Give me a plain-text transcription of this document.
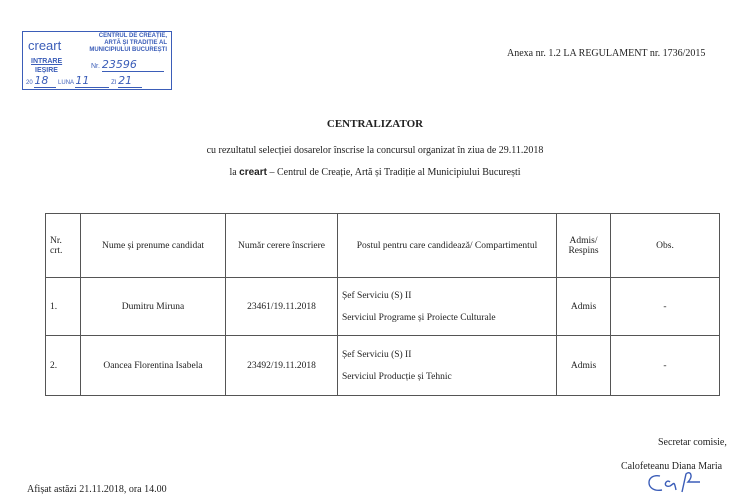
creart
CENTRUL DE CREAȚIE, ARTĂ ȘI TRADIȚIE AL MUNICIPIULUI BUCUREȘTI
INTRARE
IEȘIRE
Nr. 23596
20 18 LUNA 11	ZI 21
Anexa nr. 1.2 LA REGULAMENT nr. 1736/2015
CENTRALIZATOR
cu rezultatul selecției dosarelor înscrise la concursul organizat în ziua de 29.11.2018
la creart – Centrul de Creație, Artă și Tradiție al Municipiului București
Nr. crt.	Nume și prenume candidat	Număr cerere înscriere	Postul pentru care candidează/ Compartimentul	Admis/ Respins	Obs.
1.	Dumitru Miruna	23461/19.11.2018	Șef Serviciu (S) II
Serviciul Programe și Proiecte Culturale	Admis	-
2.	Oancea Florentina Isabela	23492/19.11.2018	Șef Serviciu (S) II
Serviciul Producție și Tehnic	Admis	-
Secretar comisie,
Calofeteanu Diana Maria
Afișat astăzi 21.11.2018, ora 14.00
